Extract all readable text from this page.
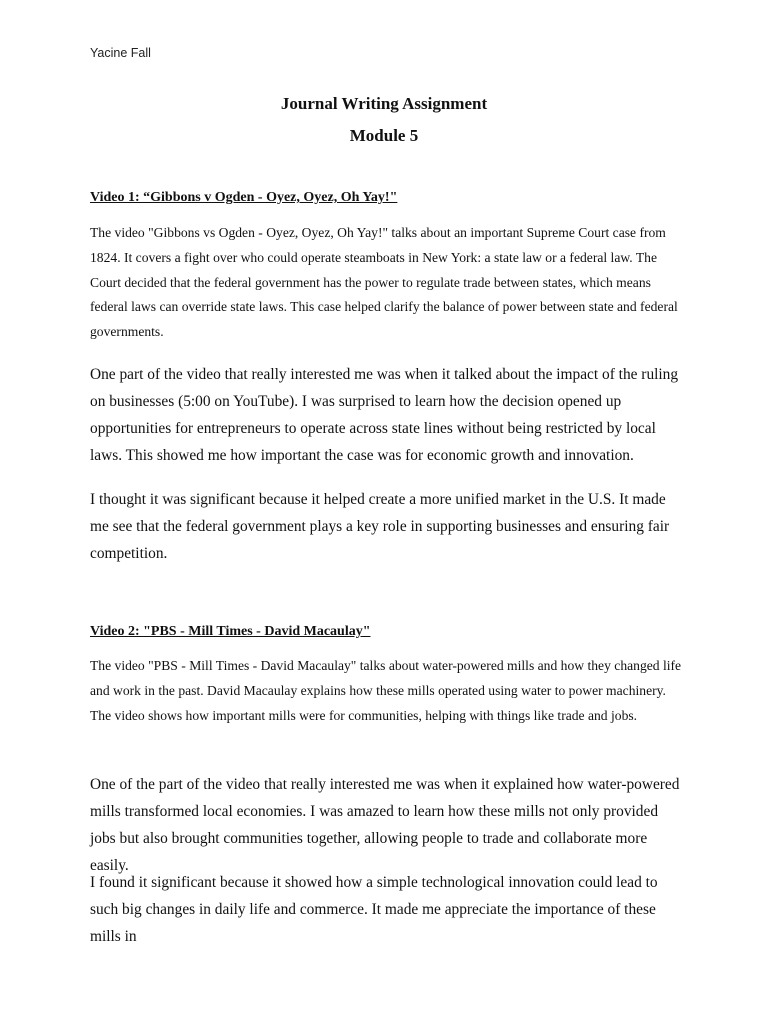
Yacine Fall
Journal Writing Assignment
Module 5
Video 1: “Gibbons v Ogden - Oyez, Oyez, Oh Yay!"

The video "Gibbons vs Ogden - Oyez, Oyez, Oh Yay!" talks about an important Supreme Court case from 1824. It covers a fight over who could operate steamboats in New York: a state law or a federal law. The Court decided that the federal government has the power to regulate trade between states, which means federal laws can override state laws. This case helped clarify the balance of power between state and federal governments.

One part of the video that really interested me was when it talked about the impact of the ruling on businesses (5:00 on YouTube). I was surprised to learn how the decision opened up opportunities for entrepreneurs to operate across state lines without being restricted by local laws. This showed me how important the case was for economic growth and innovation.

I thought it was significant because it helped create a more unified market in the U.S. It made me see that the federal government plays a key role in supporting businesses and ensuring fair competition.

Video 2: "PBS - Mill Times - David Macaulay"

The video "PBS - Mill Times - David Macaulay" talks about water-powered mills and how they changed life and work in the past. David Macaulay explains how these mills operated using water to power machinery. The video shows how important mills were for communities, helping with things like trade and jobs.

One of the part of the video that really interested me was when it explained how water-powered mills transformed local economies. I was amazed to learn how these mills not only provided jobs but also brought communities together, allowing people to trade and collaborate more easily.

I found it significant because it showed how a simple technological innovation could lead to such big changes in daily life and commerce. It made me appreciate the importance of these mills in
